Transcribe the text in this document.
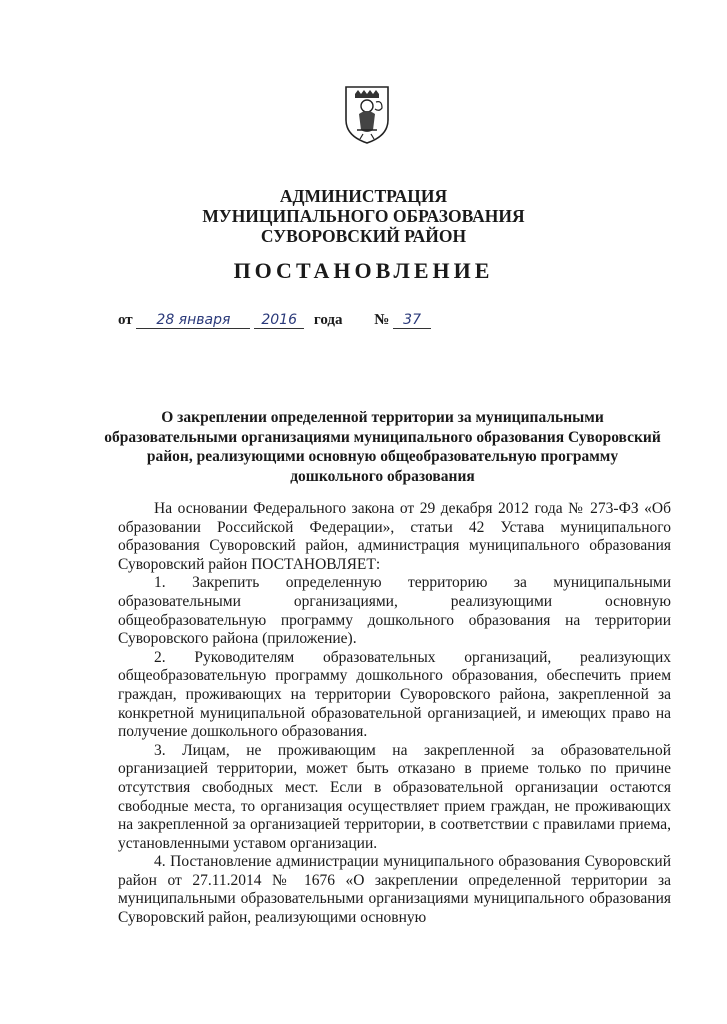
АДМИНИСТРАЦИЯ
МУНИЦИПАЛЬНОГО ОБРАЗОВАНИЯ
СУВОРОВСКИЙ РАЙОН
ПОСТАНОВЛЕНИЕ
от 28 января 2016 года № 37
О закреплении определенной территории за муниципальными образовательными организациями муниципального образования Суворовский район, реализующими основную общеобразовательную программу дошкольного образования

На основании Федерального закона от 29 декабря 2012 года № 273-ФЗ «Об образовании Российской Федерации», статьи 42 Устава муниципального образования Суворовский район, администрация муниципального образования Суворовский район ПОСТАНОВЛЯЕТ:

1. Закрепить определенную территорию за муниципальными образовательными организациями, реализующими основную общеобразовательную программу дошкольного образования на территории Суворовского района (приложение).

2. Руководителям образовательных организаций, реализующих общеобразовательную программу дошкольного образования, обеспечить прием граждан, проживающих на территории Суворовского района, закрепленной за конкретной муниципальной образовательной организацией, и имеющих право на получение дошкольного образования.

3. Лицам, не проживающим на закрепленной за образовательной организацией территории, может быть отказано в приеме только по причине отсутствия свободных мест. Если в образовательной организации остаются свободные места, то организация осуществляет прием граждан, не проживающих на закрепленной за организацией территории, в соответствии с правилами приема, установленными уставом организации.

4. Постановление администрации муниципального образования Суворовский район от 27.11.2014 № 1676 «О закреплении определенной территории за муниципальными образовательными организациями муниципального образования Суворовский район, реализующими основную
